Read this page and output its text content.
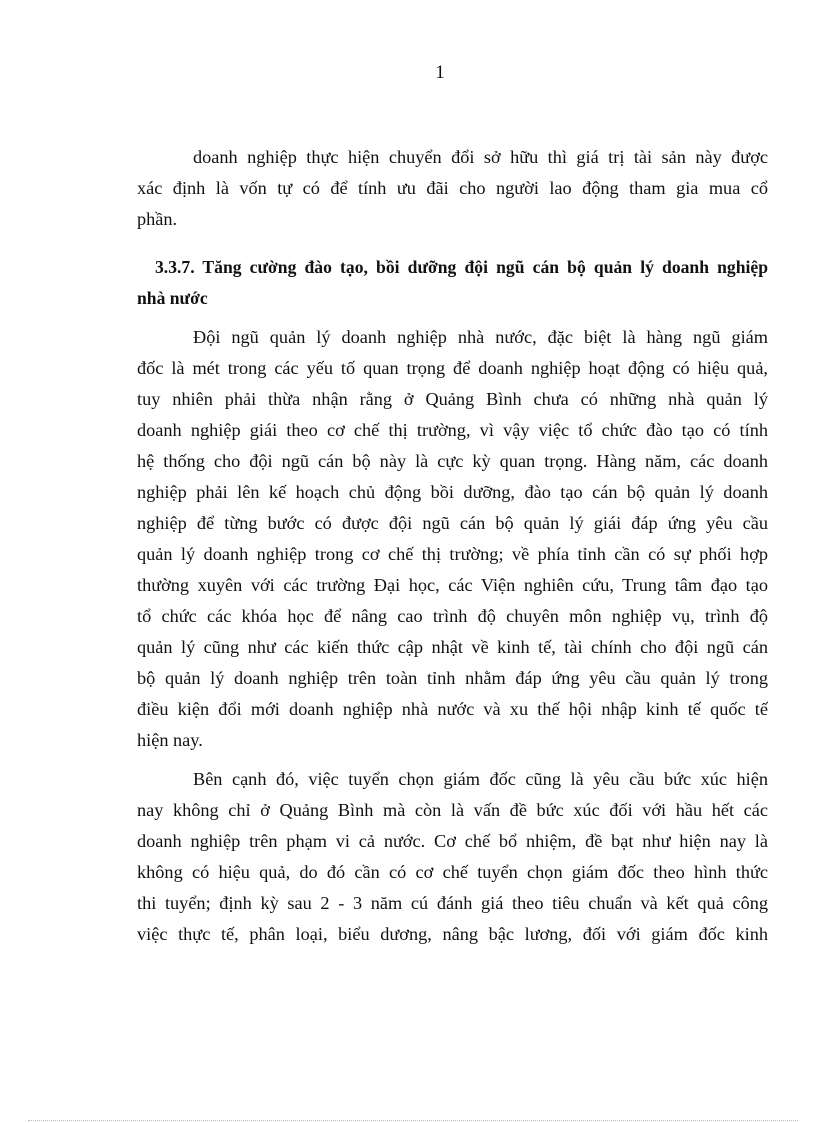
1
doanh nghiệp thực hiện chuyển đổi sở hữu thì giá trị tài sản này được
xác định là vốn tự có để tính ưu đãi cho người lao động tham gia mua cổ
phần.
3.3.7. Tăng cường đào tạo, bồi dưỡng đội ngũ cán bộ quản lý doanh nghiệp
nhà nước
Đội ngũ quản lý doanh nghiệp nhà nước, đặc biệt là hàng ngũ giám
đốc là mét trong các yếu tố quan trọng để doanh nghiệp hoạt động có hiệu quả,
tuy nhiên phải thừa nhận rằng ở Quảng Bình chưa có những nhà quản lý
doanh nghiệp giái theo cơ chế thị trường, vì vậy việc tổ chức đào tạo có tính
hệ thống cho đội ngũ cán bộ này là cực kỳ quan trọng. Hàng năm, các doanh
nghiệp phải lên kế hoạch chủ động bồi dưỡng, đào tạo cán bộ quản lý doanh
nghiệp để từng bước có được đội ngũ cán bộ quản lý giái đáp ứng yêu cầu
quản lý doanh nghiệp trong cơ chế thị trường; về phía tỉnh cần có sự phối hợp
thường xuyên với các trường Đại học, các Viện nghiên cứu, Trung tâm đạo tạo
tổ chức các khóa học để nâng cao trình độ chuyên môn nghiệp vụ, trình độ
quản lý cũng như các kiến thức cập nhật về kinh tế, tài chính cho đội ngũ cán
bộ quản lý doanh nghiệp trên toàn tỉnh nhằm đáp ứng yêu cầu quản lý trong
điều kiện đổi mới doanh nghiệp nhà nước và xu thế hội nhập kinh tế quốc tế
hiện nay.
Bên cạnh đó, việc tuyển chọn giám đốc cũng là yêu cầu bức xúc hiện
nay không chỉ ở Quảng Bình mà còn là vấn đề bức xúc đối với hầu hết các
doanh nghiệp trên phạm vi cả nước. Cơ chế bổ nhiệm, đề bạt như hiện nay là
không có hiệu quả, do đó cần có cơ chế tuyển chọn giám đốc theo hình thức
thi tuyển; định kỳ sau 2 - 3 năm cú đánh giá theo tiêu chuẩn và kết quả công
việc thực tế, phân loại, biểu dương, nâng bậc lương, đối với giám đốc kinh
